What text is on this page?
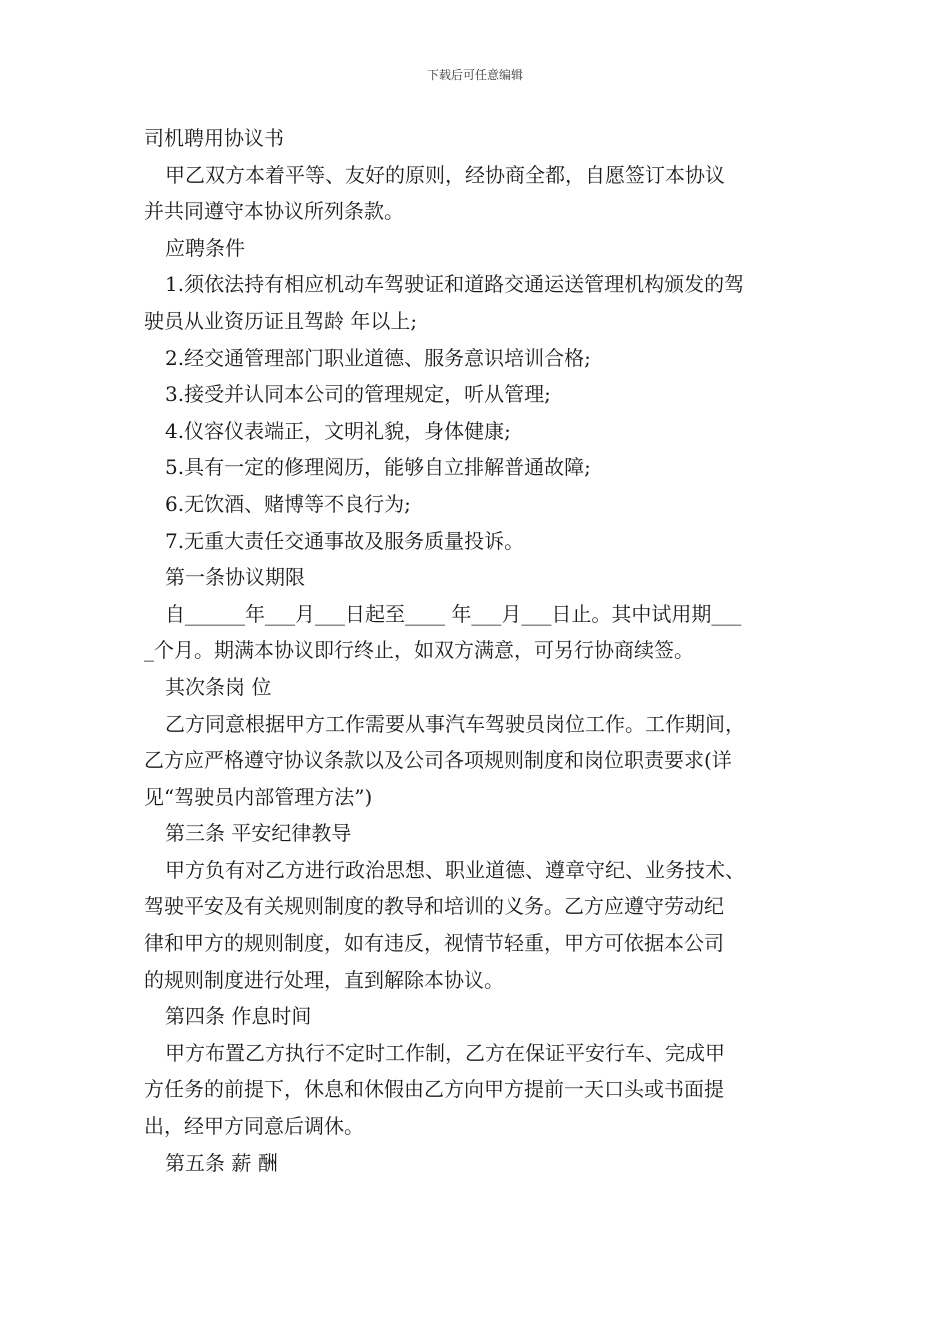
下载后可任意编辑
司机聘用协议书
甲乙双方本着平等、友好的原则，经协商全都，自愿签订本协议
并共同遵守本协议所列条款。
应聘条件
1.须依法持有相应机动车驾驶证和道路交通运送管理机构颁发的驾
驶员从业资历证且驾龄 年以上;
2.经交通管理部门职业道德、服务意识培训合格;
3.接受并认同本公司的管理规定，听从管理;
4.仪容仪表端正，文明礼貌，身体健康;
5.具有一定的修理阅历，能够自立排解普通故障;
6.无饮酒、赌博等不良行为;
7.无重大责任交通事故及服务质量投诉。
第一条协议期限
自______年___月___日起至____ 年___月___日止。其中试用期___
_个月。期满本协议即行终止，如双方满意，可另行协商续签。
其次条岗 位
乙方同意根据甲方工作需要从事汽车驾驶员岗位工作。工作期间，
乙方应严格遵守协议条款以及公司各项规则制度和岗位职责要求(详
见“驾驶员内部管理方法”)
第三条 平安纪律教导
甲方负有对乙方进行政治思想、职业道德、遵章守纪、业务技术、
驾驶平安及有关规则制度的教导和培训的义务。乙方应遵守劳动纪
律和甲方的规则制度，如有违反，视情节轻重，甲方可依据本公司
的规则制度进行处理，直到解除本协议。
第四条 作息时间
甲方布置乙方执行不定时工作制，乙方在保证平安行车、完成甲
方任务的前提下，休息和休假由乙方向甲方提前一天口头或书面提
出，经甲方同意后调休。
第五条 薪 酬
